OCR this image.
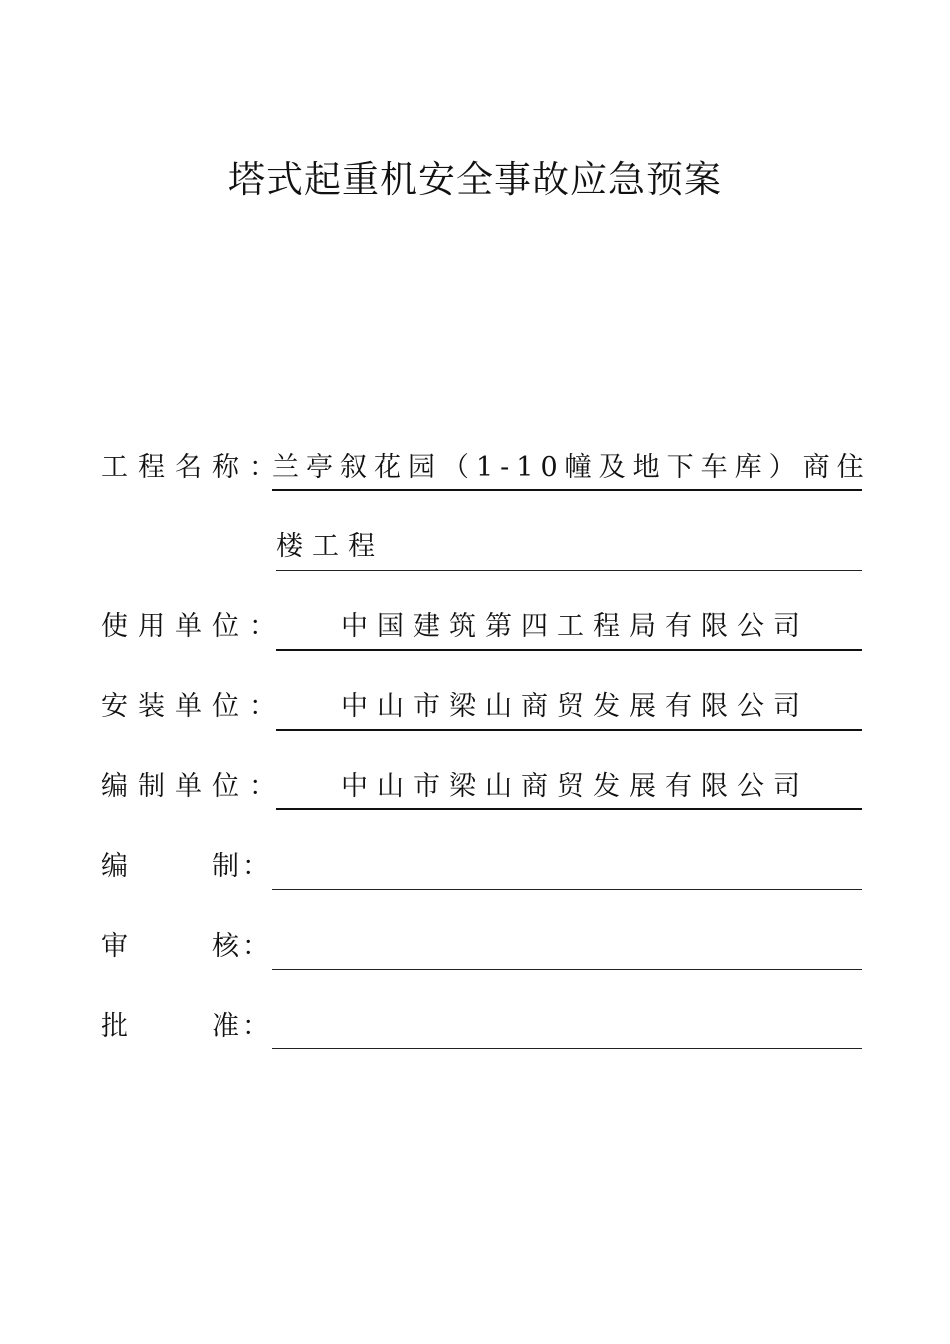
塔式起重机安全事故应急预案
工程名称：
兰亭叙花园（1-10幢及地下车库）商住
楼工程
使用单位： 中国建筑第四工程局有限公司
安装单位： 中山市梁山商贸发展有限公司
编制单位： 中山市梁山商贸发展有限公司
编	制 ：
审	核 ：
批	准 ：
